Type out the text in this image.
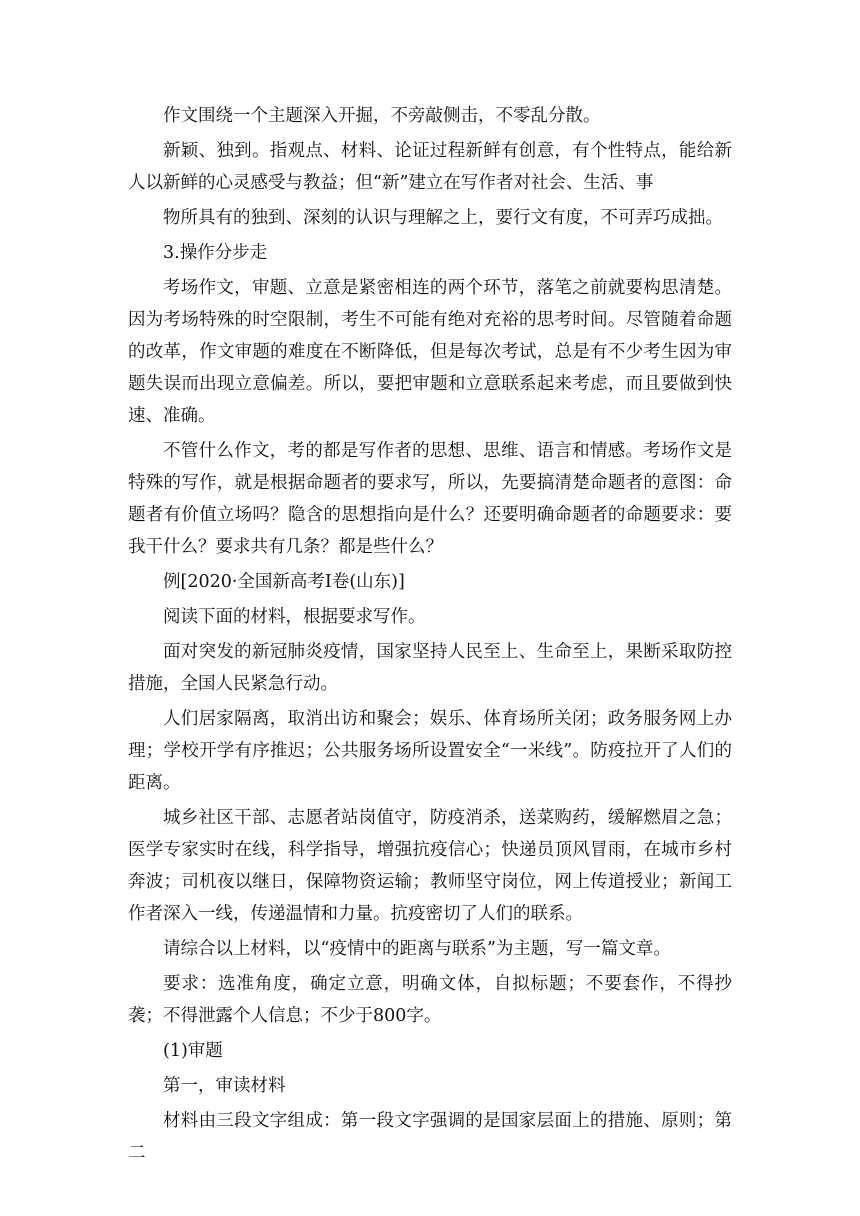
作文围绕一个主题深入开掘，不旁敲侧击，不零乱分散。

新颖、独到。指观点、材料、论证过程新鲜有创意，有个性特点，能给新人以新鲜的心灵感受与教益；但“新”建立在写作者对社会、生活、事

物所具有的独到、深刻的认识与理解之上，要行文有度，不可弄巧成拙。

3.操作分步走

考场作文，审题、立意是紧密相连的两个环节，落笔之前就要构思清楚。因为考场特殊的时空限制，考生不可能有绝对充裕的思考时间。尽管随着命题的改革，作文审题的难度在不断降低，但是每次考试，总是有不少考生因为审题失误而出现立意偏差。所以，要把审题和立意联系起来考虑，而且要做到快速、准确。

不管什么作文，考的都是写作者的思想、思维、语言和情感。考场作文是特殊的写作，就是根据命题者的要求写，所以，先要搞清楚命题者的意图：命题者有价值立场吗？隐含的思想指向是什么？还要明确命题者的命题要求：要我干什么？要求共有几条？都是些什么？

例[2020·全国新高考Ⅰ卷(山东)]

阅读下面的材料，根据要求写作。

面对突发的新冠肺炎疫情，国家坚持人民至上、生命至上，果断采取防控措施，全国人民紧急行动。

人们居家隔离，取消出访和聚会；娱乐、体育场所关闭；政务服务网上办理；学校开学有序推迟；公共服务场所设置安全“一米线”。防疫拉开了人们的距离。

城乡社区干部、志愿者站岗值守，防疫消杀，送菜购药，缓解燃眉之急；医学专家实时在线，科学指导，增强抗疫信心；快递员顶风冒雨，在城市乡村奔波；司机夜以继日，保障物资运输；教师坚守岗位，网上传道授业；新闻工作者深入一线，传递温情和力量。抗疫密切了人们的联系。

请综合以上材料，以“疫情中的距离与联系”为主题，写一篇文章。

要求：选准角度，确定立意，明确文体，自拟标题；不要套作，不得抄袭；不得泄露个人信息；不少于800字。

(1)审题

第一，审读材料

材料由三段文字组成：第一段文字强调的是国家层面上的措施、原则；第二
